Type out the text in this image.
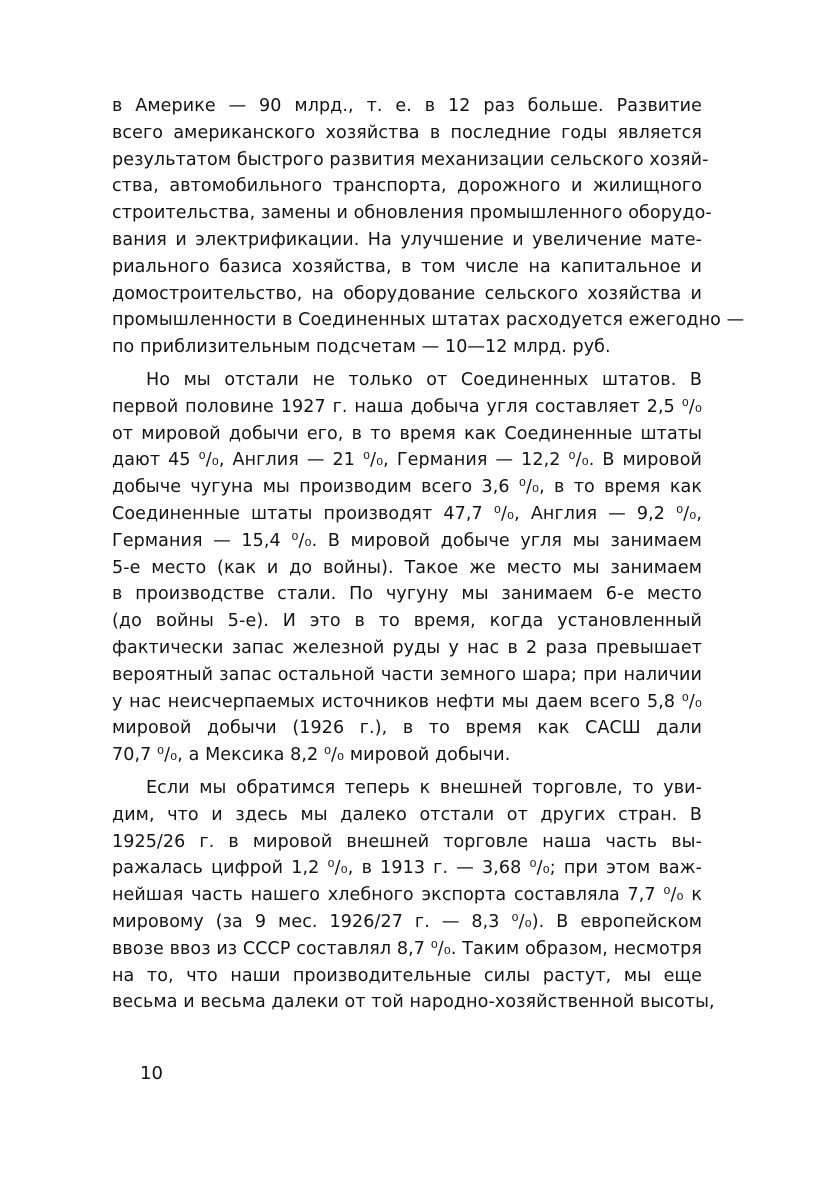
в Америке — 90 млрд., т. е. в 12 раз больше. Развитие
всего американского хозяйства в последние годы является
результатом быстрого развития механизации сельского хозяй-
ства, автомобильного транспорта, дорожного и жилищного
строительства, замены и обновления промышленного оборудо-
вания и электрификации. На улучшение и увеличение мате-
риального базиса хозяйства, в том числе на капитальное и
домостроительство, на оборудование сельского хозяйства и
промышленности в Соединенных штатах расходуется ежегодно —
по приблизительным подсчетам — 10—12 млрд. руб.
Но мы отстали не только от Соединенных штатов. В
первой половине 1927 г. наша добыча угля составляет 2,5 ⁰/₀
от мировой добычи его, в то время как Соединенные штаты
дают 45 ⁰/₀, Англия — 21 ⁰/₀, Германия — 12,2 ⁰/₀. В мировой
добыче чугуна мы производим всего 3,6 ⁰/₀, в то время как
Соединенные штаты производят 47,7 ⁰/₀, Англия — 9,2 ⁰/₀,
Германия — 15,4 ⁰/₀. В мировой добыче угля мы занимаем
5-е место (как и до войны). Такое же место мы занимаем
в производстве стали. По чугуну мы занимаем 6-е место
(до войны 5-е). И это в то время, когда установленный
фактически запас железной руды у нас в 2 раза превышает
вероятный запас остальной части земного шара; при наличии
у нас неисчерпаемых источников нефти мы даем всего 5,8 ⁰/₀
мировой добычи (1926 г.), в то время как САСШ дали
70,7 ⁰/₀, а Мексика 8,2 ⁰/₀ мировой добычи.
Если мы обратимся теперь к внешней торговле, то уви-
дим, что и здесь мы далеко отстали от других стран. В
1925/26 г. в мировой внешней торговле наша часть вы-
ражалась цифрой 1,2 ⁰/₀, в 1913 г. — 3,68 ⁰/₀; при этом важ-
нейшая часть нашего хлебного экспорта составляла 7,7 ⁰/₀ к
мировому (за 9 мес. 1926/27 г. — 8,3 ⁰/₀). В европейском
ввозе ввоз из СССР составлял 8,7 ⁰/₀. Таким образом, несмотря
на то, что наши производительные силы растут, мы еще
весьма и весьма далеки от той народно-хозяйственной высоты,
10
